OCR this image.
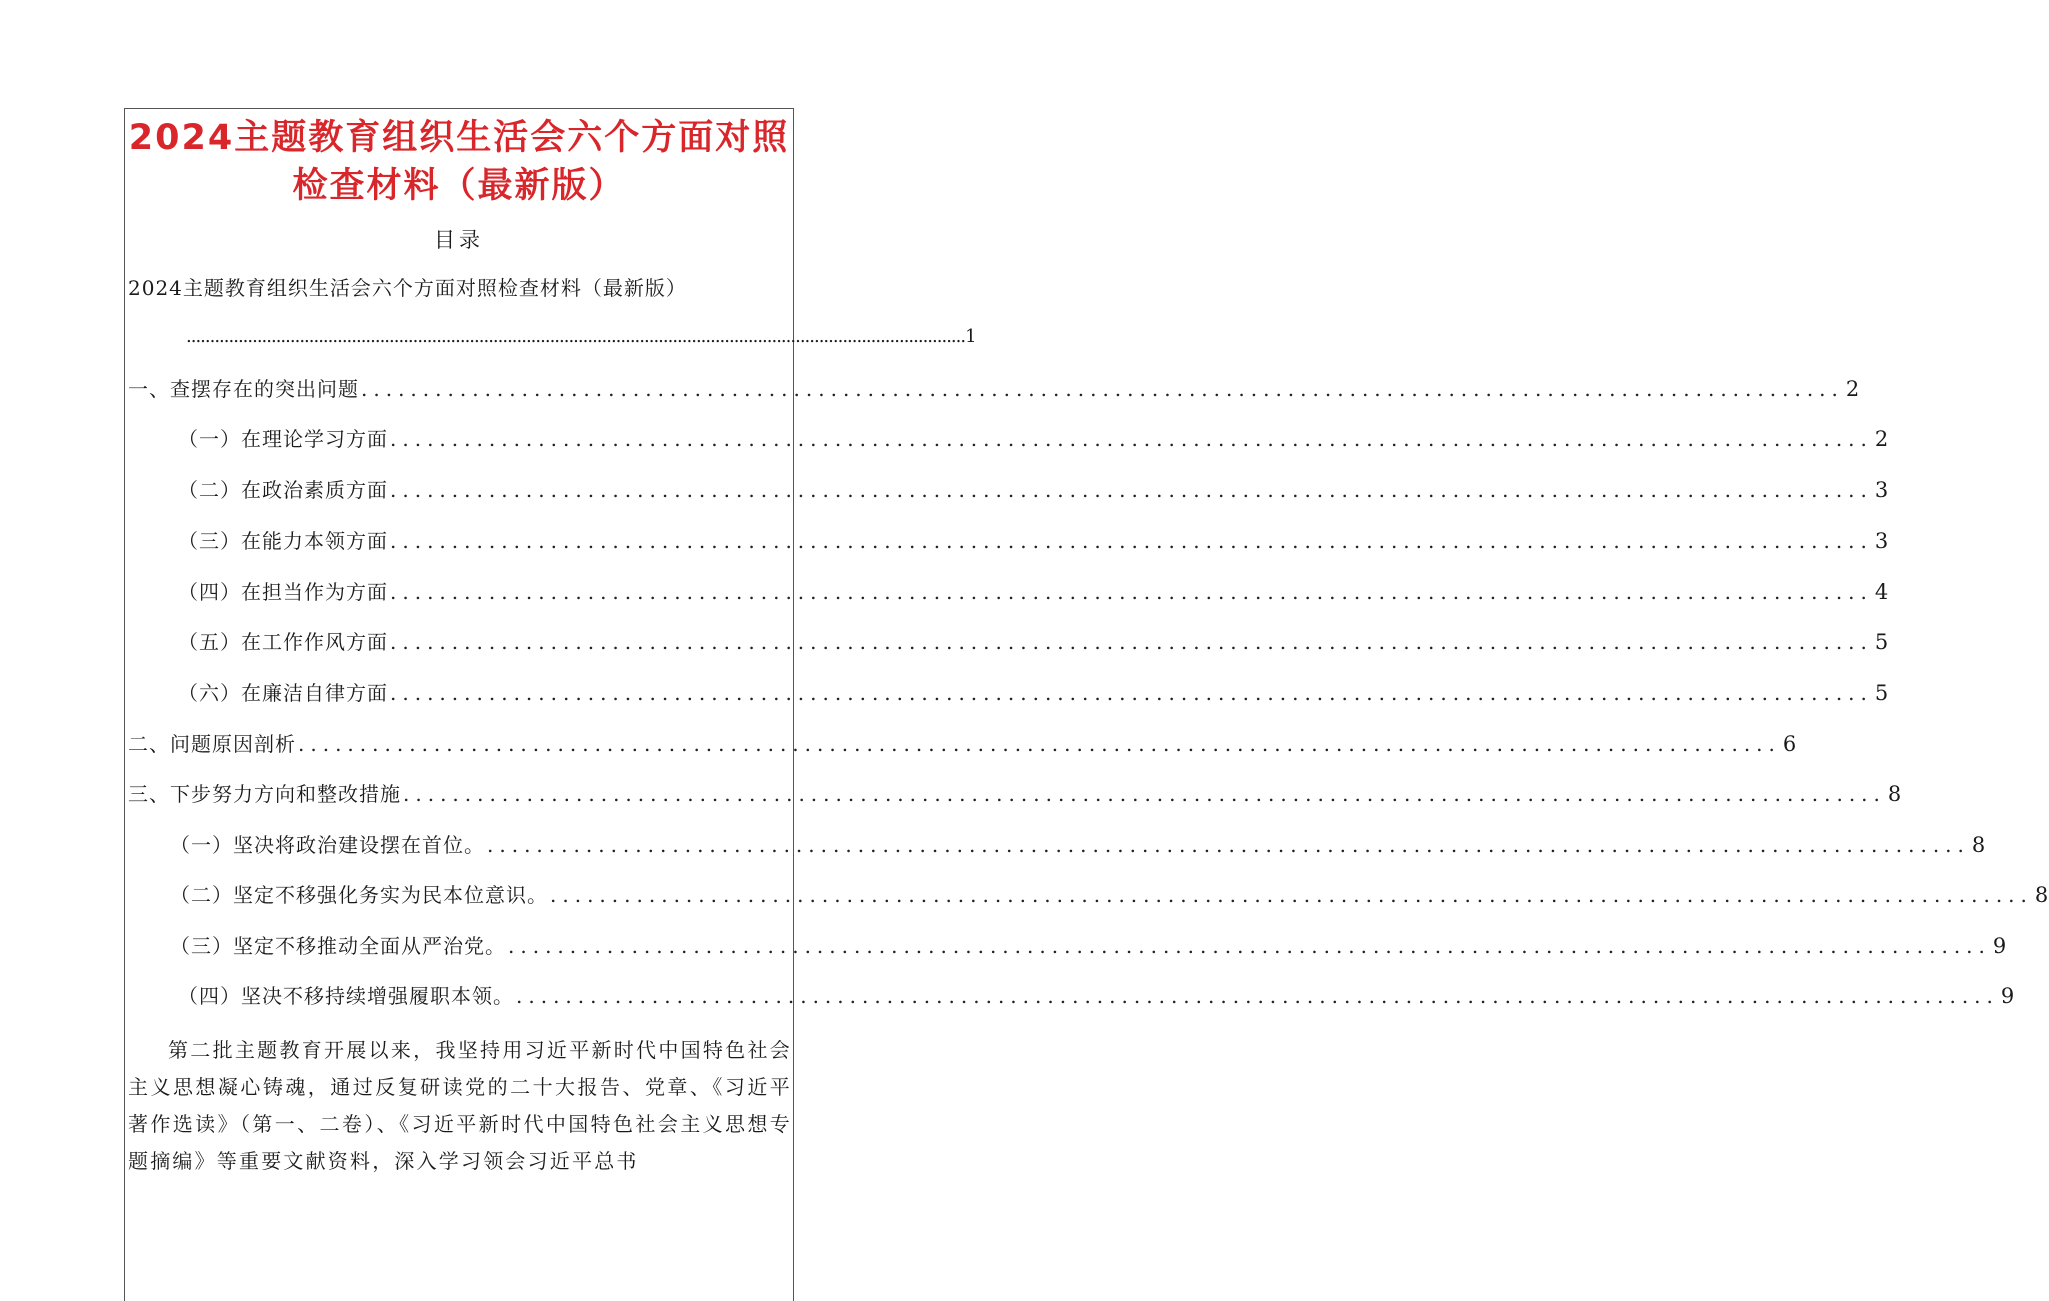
2024主题教育组织生活会六个方面对照
检查材料（最新版）
目录
2024主题教育组织生活会六个方面对照检查材料（最新版）
..................................................................................................................................................................... 1
一、查摆存在的突出问题 ........................................................................................................................ 2
（一）在理论学习方面 ........................................................................................................................ 2
（二）在政治素质方面 ........................................................................................................................ 3
（三）在能力本领方面 ........................................................................................................................ 3
（四）在担当作为方面 ........................................................................................................................ 4
（五）在工作作风方面 ........................................................................................................................ 5
（六）在廉洁自律方面 ........................................................................................................................ 5
二、问题原因剖析 ........................................................................................................................ 6
三、下步努力方向和整改措施 ........................................................................................................................ 8
（一）坚决将政治建设摆在首位。 ........................................................................................................................ 8
（二）坚定不移强化务实为民本位意识。 ........................................................................................................................ 8
（三）坚定不移推动全面从严治党。 ........................................................................................................................ 9
（四）坚决不移持续增强履职本领。 ........................................................................................................................ 9

第二批主题教育开展以来，我坚持用习近平新时代中国特色社会主义思想凝心铸魂，通过反复研读党的二十大报告、党章、《习近平著作选读》（第一、二卷）、《习近平新时代中国特色社会主义思想专题摘编》等重要文献资料，深入学习领会习近平总书
